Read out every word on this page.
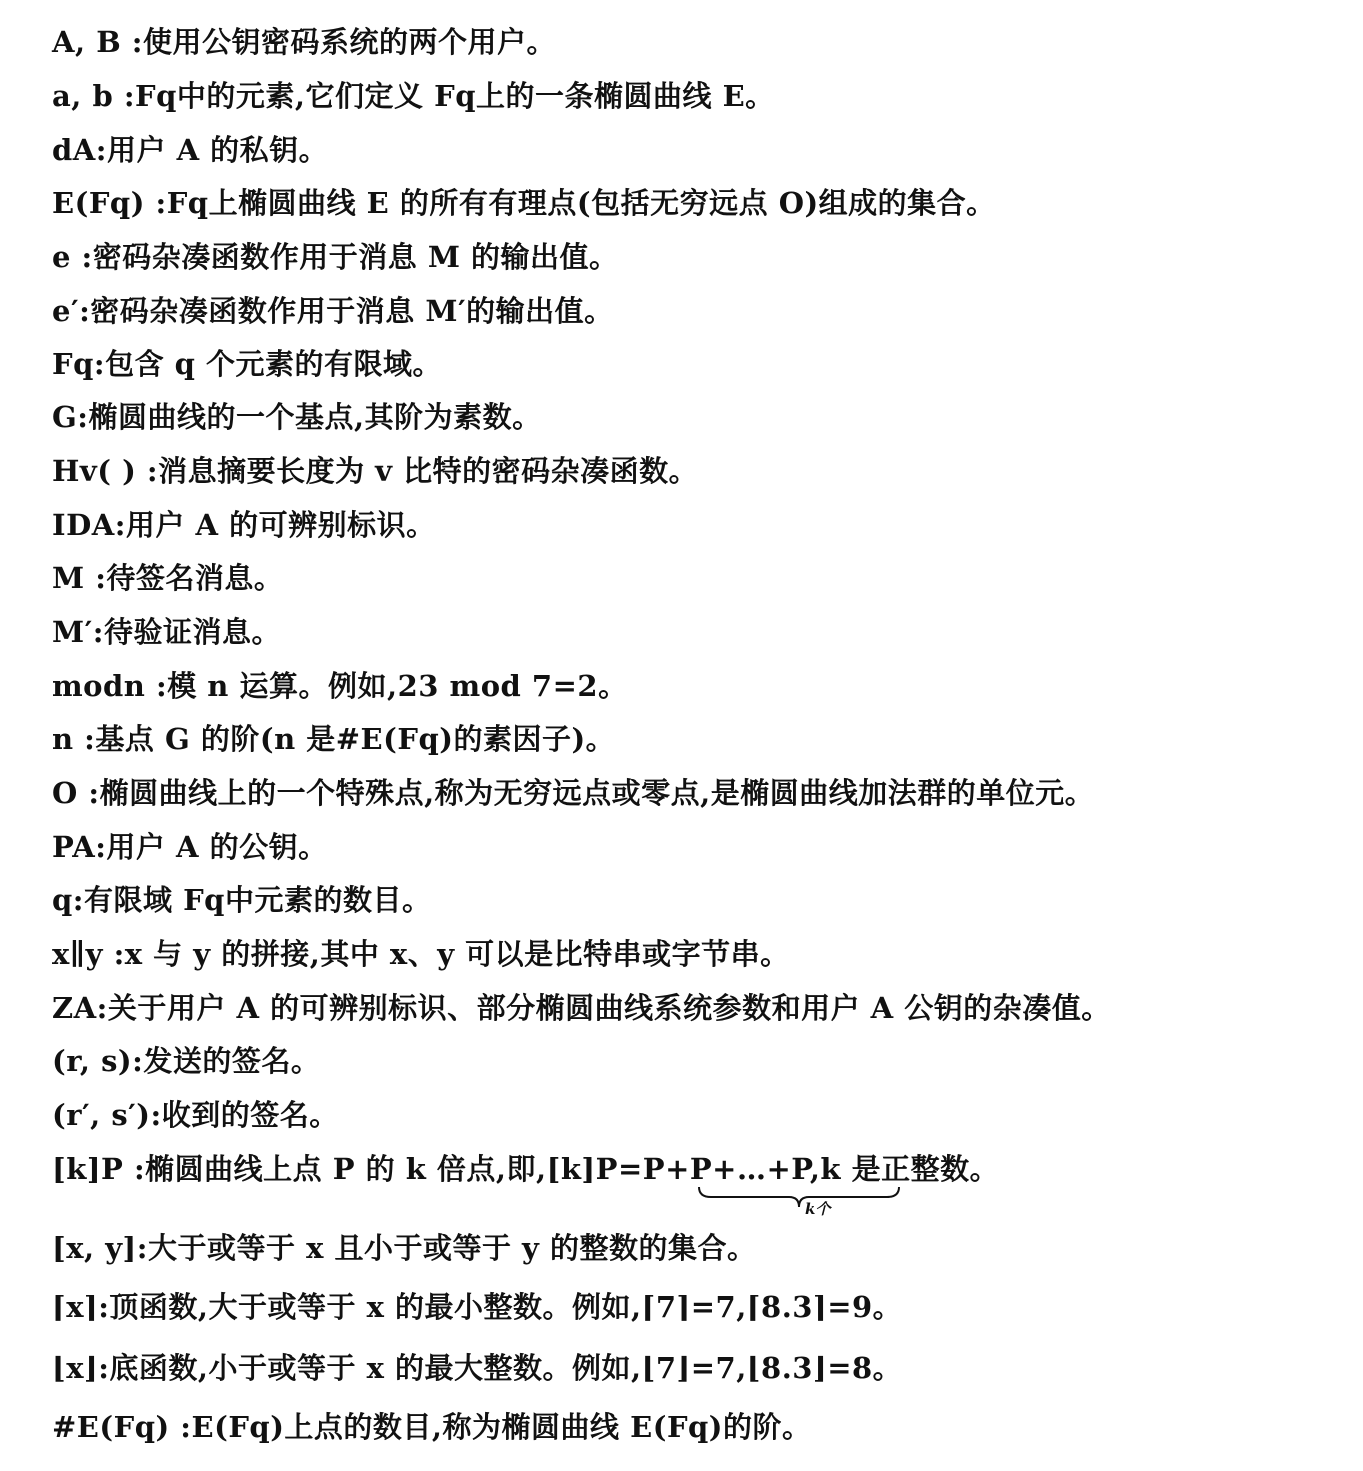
A, B :使用公钥密码系统的两个用户。
a, b :Fq中的元素,它们定义 Fq上的一条椭圆曲线 E。
dA:用户 A 的私钥。
E(Fq) :Fq上椭圆曲线 E 的所有有理点(包括无穷远点 O)组成的集合。
e :密码杂凑函数作用于消息 M 的输出值。
e′:密码杂凑函数作用于消息 M′的输出值。
Fq:包含 q 个元素的有限域。
G:椭圆曲线的一个基点,其阶为素数。
Hv( ) :消息摘要长度为 v 比特的密码杂凑函数。
IDA:用户 A 的可辨别标识。
M :待签名消息。
M′:待验证消息。
modn :模 n 运算。例如,23 mod 7=2。
n :基点 G 的阶(n 是#E(Fq)的素因子)。
O :椭圆曲线上的一个特殊点,称为无穷远点或零点,是椭圆曲线加法群的单位元。
PA:用户 A 的公钥。
q:有限域 Fq中元素的数目。
x∥y :x 与 y 的拼接,其中 x、y 可以是比特串或字节串。
ZA:关于用户 A 的可辨别标识、部分椭圆曲线系统参数和用户 A 公钥的杂凑值。
(r, s):发送的签名。
(r′, s′):收到的签名。
[k]P :椭圆曲线上点 P 的 k 倍点,即,[k]P=P+P+…+P,k 是正整数。
k个
[x, y]:大于或等于 x 且小于或等于 y 的整数的集合。
⌈x⌉:顶函数,大于或等于 x 的最小整数。例如,⌈7⌉=7,⌈8.3⌉=9。
⌊x⌋:底函数,小于或等于 x 的最大整数。例如,⌊7⌋=7,⌊8.3⌋=8。
#E(Fq) :E(Fq)上点的数目,称为椭圆曲线 E(Fq)的阶。
